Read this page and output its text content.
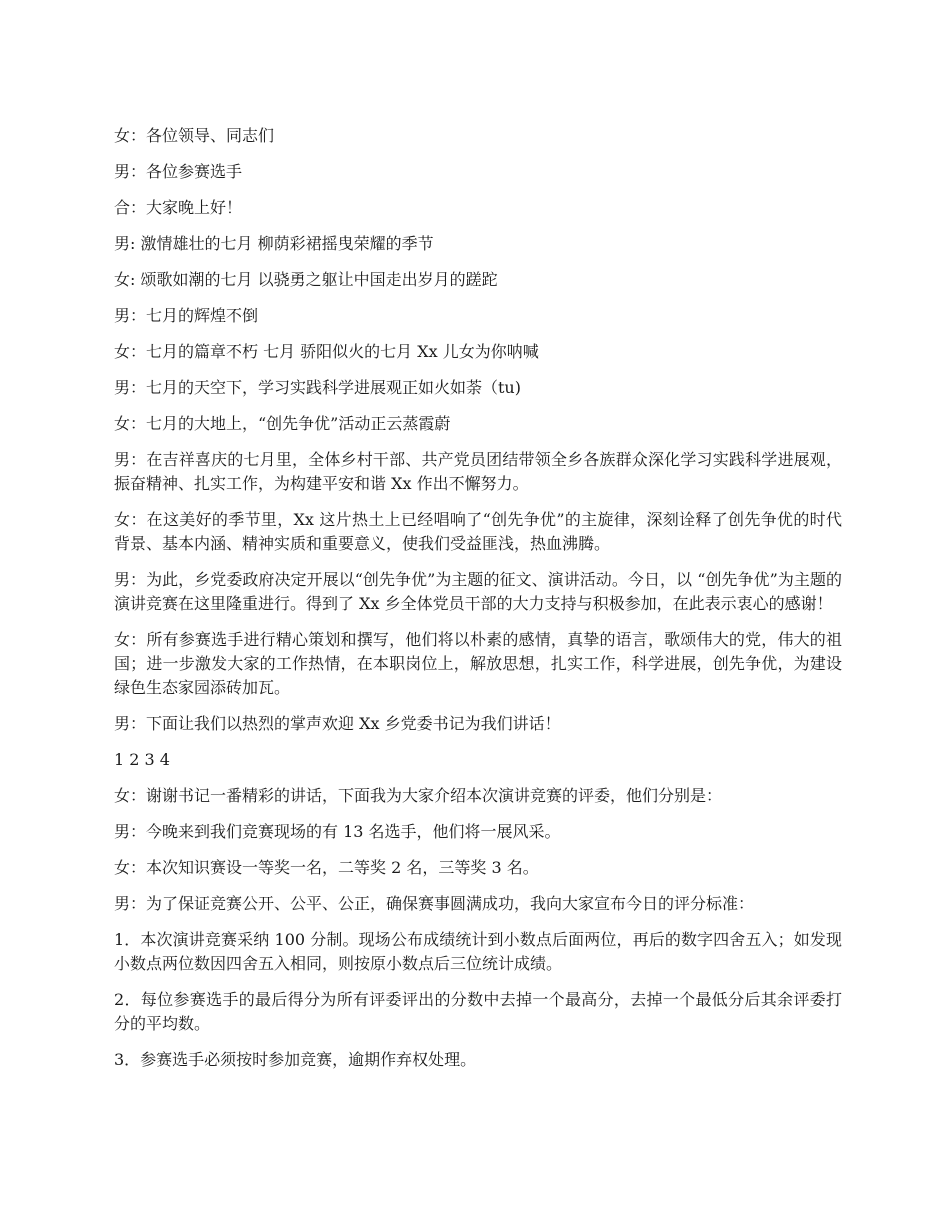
女：各位领导、同志们

男：各位参赛选手

合：大家晚上好！

男: 激情雄壮的七月 柳荫彩裙摇曳荣耀的季节

女: 颂歌如潮的七月 以骁勇之躯让中国走出岁月的蹉跎

男：七月的辉煌不倒

女：七月的篇章不朽 七月 骄阳似火的七月 Xx 儿女为你呐喊

男：七月的天空下，学习实践科学进展观正如火如荼（tu)

女：七月的大地上，“创先争优”活动正云蒸霞蔚

男：在吉祥喜庆的七月里，全体乡村干部、共产党员团结带领全乡各族群众深化学习实践科学进展观，振奋精神、扎实工作，为构建平安和谐 Xx 作出不懈努力。

女：在这美好的季节里，Xx 这片热土上已经唱响了“创先争优”的主旋律，深刻诠释了创先争优的时代背景、基本内涵、精神实质和重要意义，使我们受益匪浅，热血沸腾。

男：为此，乡党委政府决定开展以“创先争优”为主题的征文、演讲活动。今日，以 “创先争优”为主题的演讲竞赛在这里隆重进行。得到了 Xx 乡全体党员干部的大力支持与积极参加，在此表示衷心的感谢！

女：所有参赛选手进行精心策划和撰写，他们将以朴素的感情，真挚的语言，歌颂伟大的党，伟大的祖国；进一步激发大家的工作热情，在本职岗位上，解放思想，扎实工作，科学进展，创先争优，为建设绿色生态家园添砖加瓦。

男：下面让我们以热烈的掌声欢迎 Xx 乡党委书记为我们讲话！

1 2 3 4

女：谢谢书记一番精彩的讲话，下面我为大家介绍本次演讲竞赛的评委，他们分别是：

男：今晚来到我们竞赛现场的有 13 名选手，他们将一展风采。

女：本次知识赛设一等奖一名，二等奖 2 名，三等奖 3 名。

男：为了保证竞赛公开、公平、公正，确保赛事圆满成功，我向大家宣布今日的评分标准：

1．本次演讲竞赛采纳 100 分制。现场公布成绩统计到小数点后面两位，再后的数字四舍五入；如发现小数点两位数因四舍五入相同，则按原小数点后三位统计成绩。

2．每位参赛选手的最后得分为所有评委评出的分数中去掉一个最高分，去掉一个最低分后其余评委打分的平均数。

3．参赛选手必须按时参加竞赛，逾期作弃权处理。
